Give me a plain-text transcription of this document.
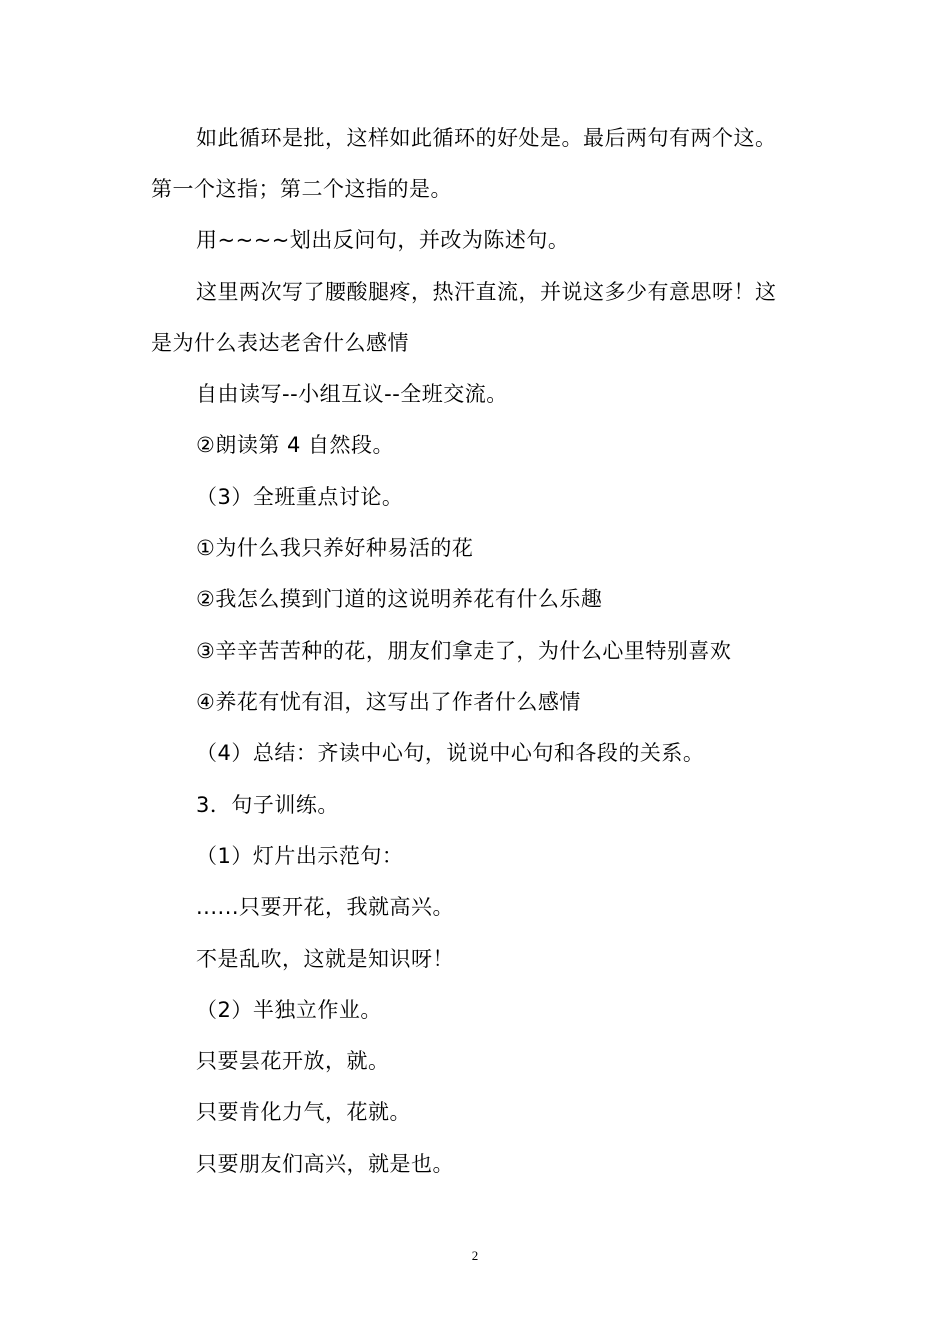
如此循环是批，这样如此循环的好处是。最后两句有两个这。
第一个这指；第二个这指的是。
用~~~~划出反问句，并改为陈述句。
这里两次写了腰酸腿疼，热汗直流，并说这多少有意思呀！这
是为什么表达老舍什么感情
自由读写--小组互议--全班交流。
②朗读第 4 自然段。
（3）全班重点讨论。
①为什么我只养好种易活的花
②我怎么摸到门道的这说明养花有什么乐趣
③辛辛苦苦种的花，朋友们拿走了，为什么心里特别喜欢
④养花有忧有泪，这写出了作者什么感情
（4）总结：齐读中心句，说说中心句和各段的关系。
3．句子训练。
（1）灯片出示范句：
......只要开花，我就高兴。
不是乱吹，这就是知识呀！
（2）半独立作业。
只要昙花开放，就。
只要肯化力气，花就。
只要朋友们高兴，就是也。
2
